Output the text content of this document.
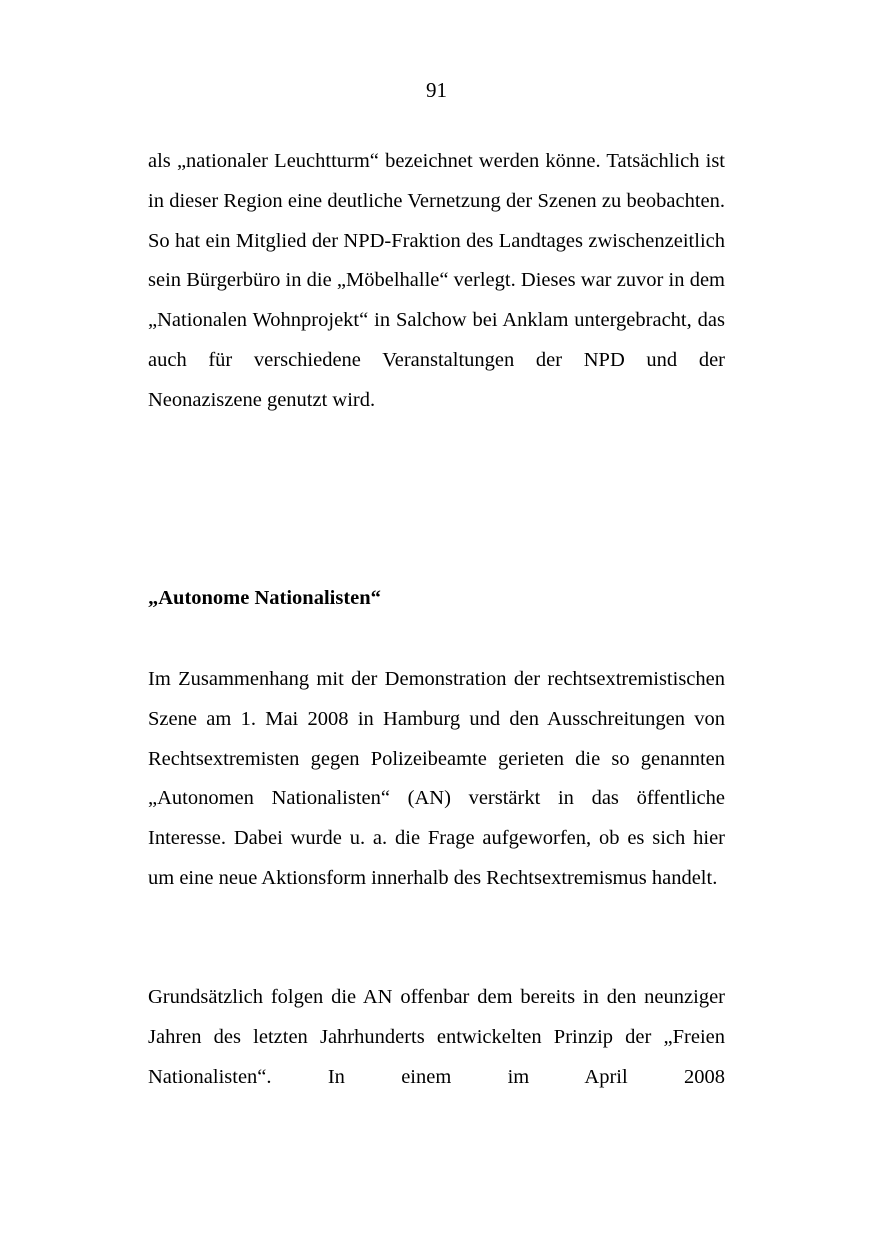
91

als „nationaler Leuchtturm“ bezeichnet werden könne. Tatsächlich ist in dieser Region eine deutliche Vernetzung der Szenen zu beobachten. So hat ein Mitglied der NPD-Fraktion des Landtages zwischenzeitlich sein Bürgerbüro in die „Möbelhalle“ verlegt. Dieses war zuvor in dem „Nationalen Wohnprojekt“ in Salchow bei Anklam untergebracht, das auch für verschiedene Veranstaltungen der NPD und der Neonaziszene genutzt wird.

„Autonome Nationalisten“

Im Zusammenhang mit der Demonstration der rechtsextremistischen Szene am 1. Mai 2008 in Hamburg und den Ausschreitungen von Rechtsextremisten gegen Polizeibeamte gerieten die so genannten „Autonomen Nationalisten“ (AN) verstärkt in das öffentliche Interesse. Dabei wurde u. a. die Frage aufgeworfen, ob es sich hier um eine neue Aktionsform innerhalb des Rechtsextremismus handelt.

Grundsätzlich folgen die AN offenbar dem bereits in den neunziger Jahren des letzten Jahrhunderts entwickelten Prinzip der „Freien Nationalisten“. In einem im April 2008
